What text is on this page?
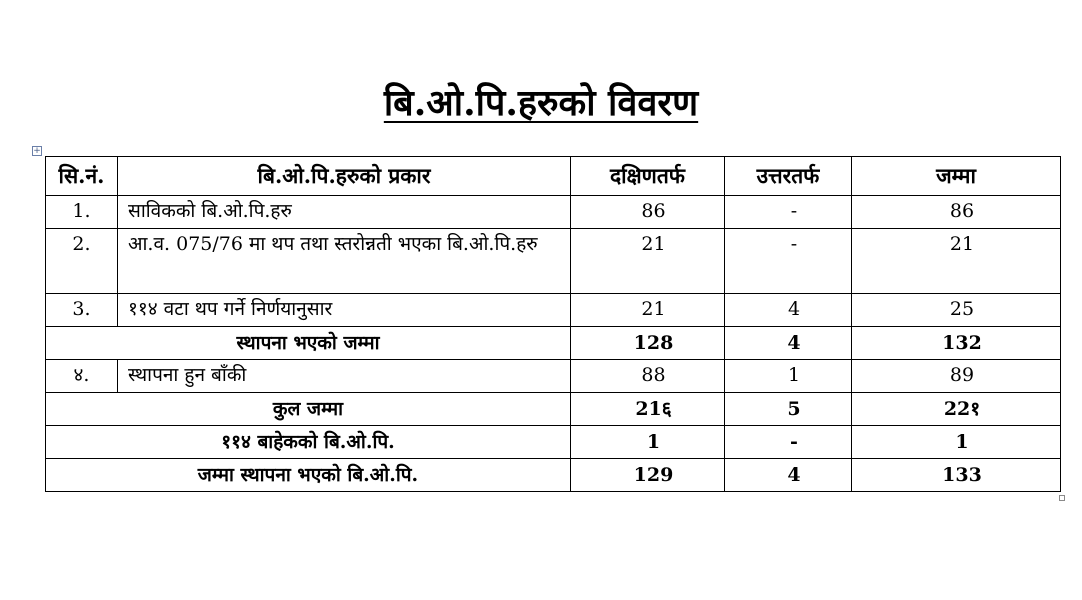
बि.ओ.पि.हरुको विवरण
+
सि.नं.	बि.ओ.पि.हरुको प्रकार	दक्षिणतर्फ	उत्तरतर्फ	जम्मा
1.	साविकको बि.ओ.पि.हरु	86	-	86
2.	आ.व. 075/76 मा थप तथा स्तरोन्नती भएका बि.ओ.पि.हरु	21	-	21
3.	११४ वटा थप गर्ने निर्णयानुसार	21	4	25
स्थापना भएको जम्मा		128	4	132
४.	स्थापना हुन बाँकी	88	1	89
कुल जम्मा		21६	5	22१
११४ बाहेकको बि.ओ.पि.		1	-	1
जम्मा स्थापना भएको बि.ओ.पि.		129	4	133
